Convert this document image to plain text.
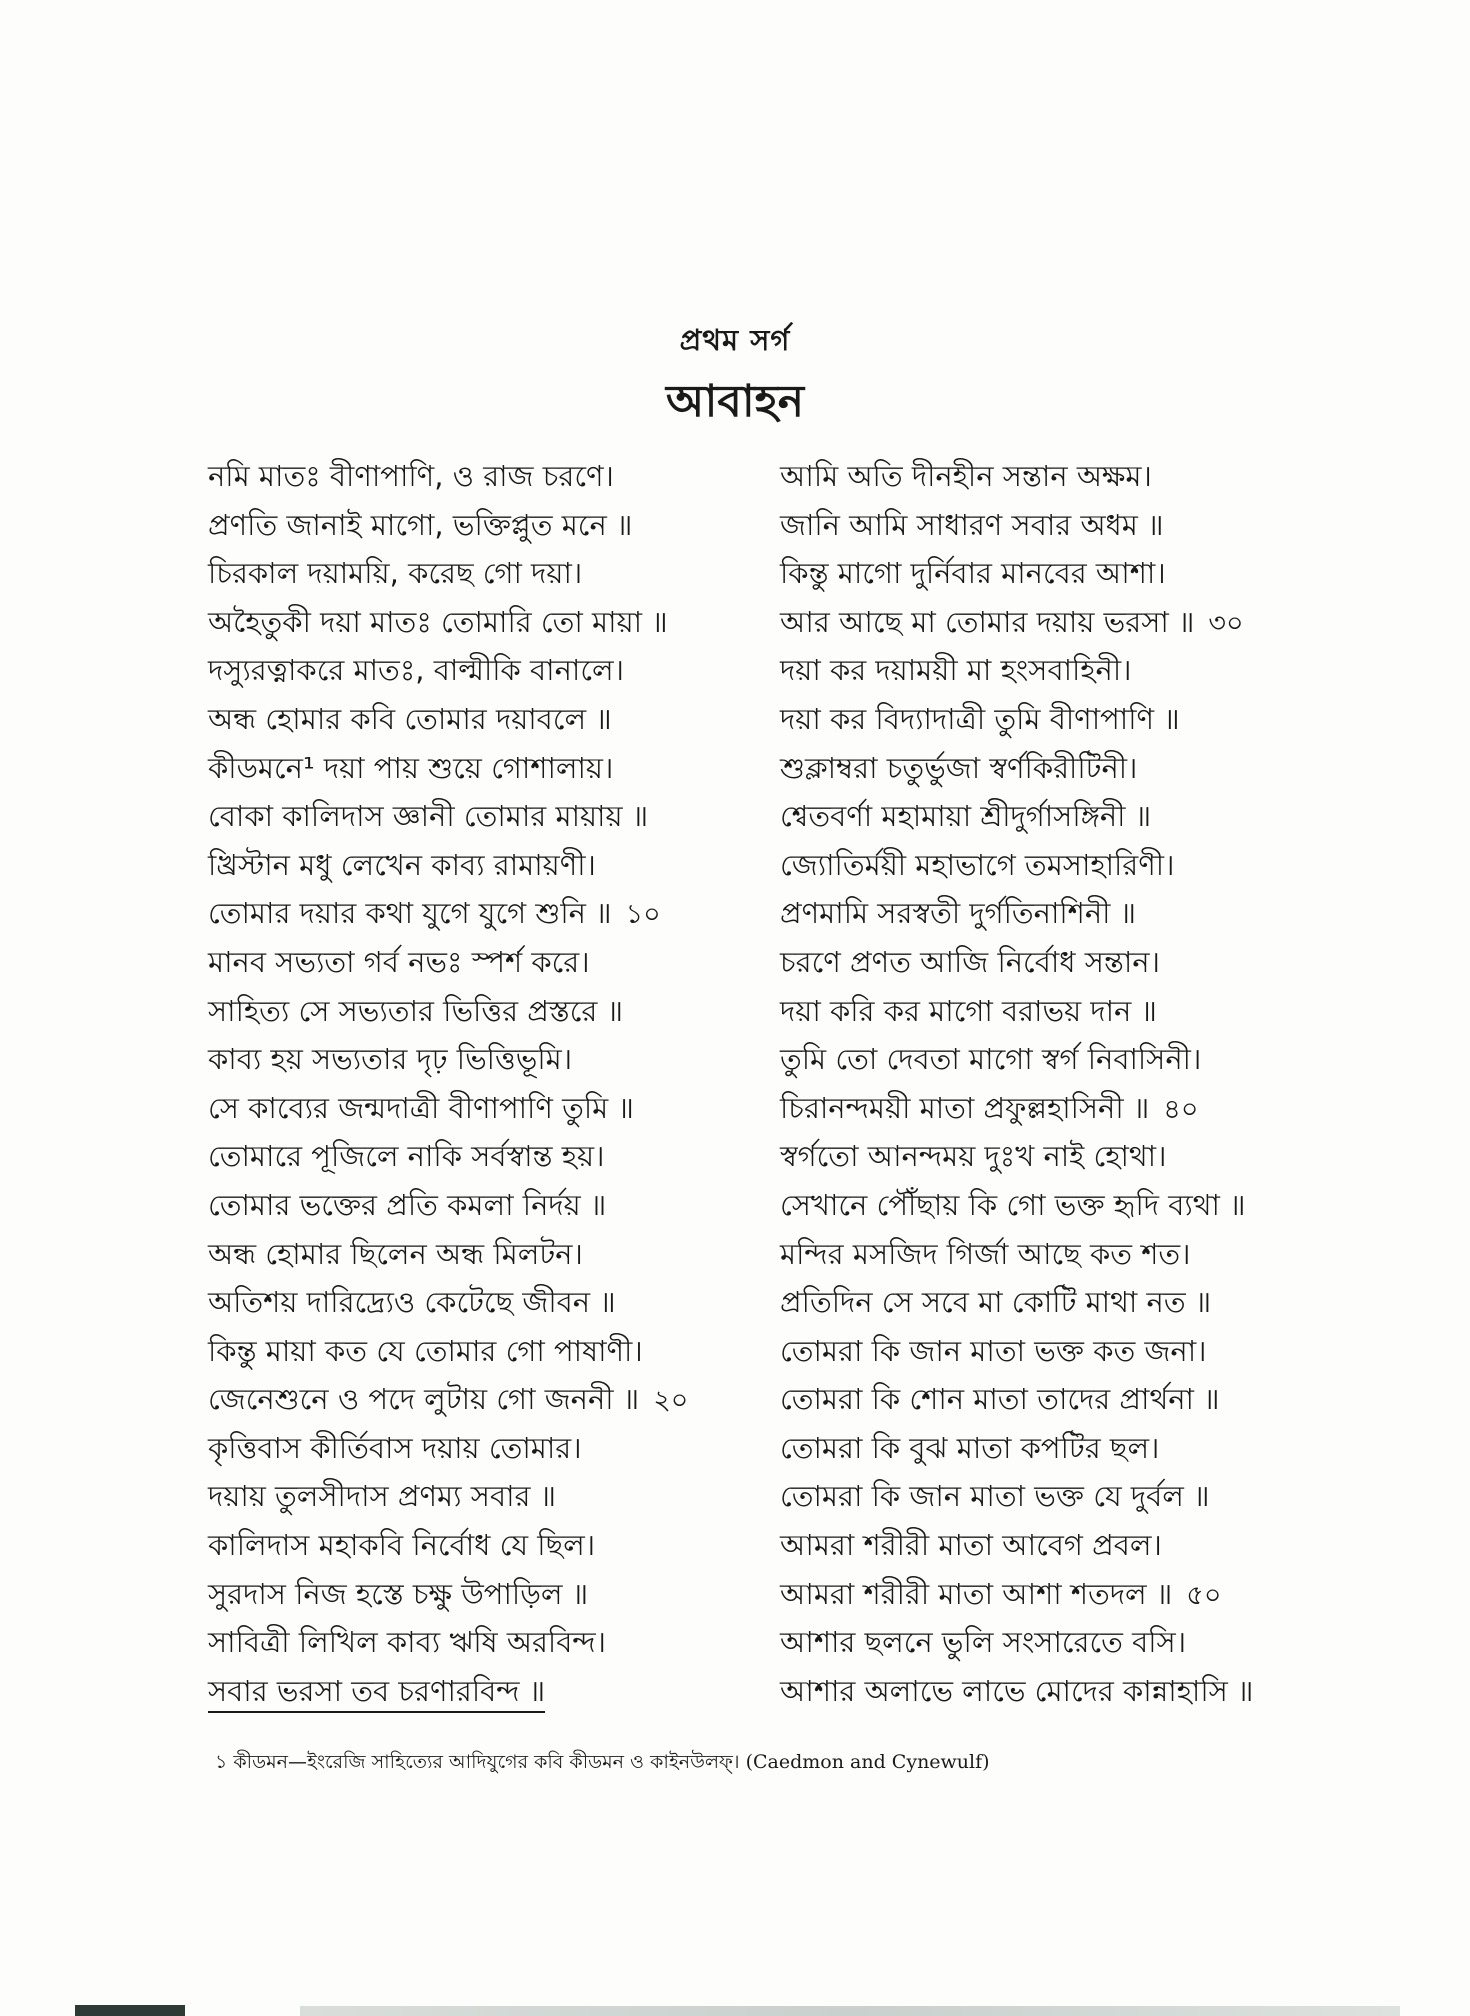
প্রথম সর্গ
আবাহন
নমি মাতঃ বীণাপাণি, ও রাজ চরণে।
প্রণতি জানাই মাগো, ভক্তিপ্লুত মনে ॥
চিরকাল দয়াময়ি, করেছ গো দয়া।
অহৈতুকী দয়া মাতঃ তোমারি তো মায়া ॥
দস্যুরত্নাকরে মাতঃ, বাল্মীকি বানালে।
অন্ধ হোমার কবি তোমার দয়াবলে ॥
কীডমনে¹ দয়া পায় শুয়ে গোশালায়।
বোকা কালিদাস জ্ঞানী তোমার মায়ায় ॥
খ্রিস্টান মধু লেখেন কাব্য রামায়ণী।
তোমার দয়ার কথা যুগে যুগে শুনি ॥ ১০
মানব সভ্যতা গর্ব নভঃ স্পর্শ করে।
সাহিত্য সে সভ্যতার ভিত্তির প্রস্তরে ॥
কাব্য হয় সভ্যতার দৃঢ় ভিত্তিভূমি।
সে কাব্যের জন্মদাত্রী বীণাপাণি তুমি ॥
তোমারে পূজিলে নাকি সর্বস্বান্ত হয়।
তোমার ভক্তের প্রতি কমলা নির্দয় ॥
অন্ধ হোমার ছিলেন অন্ধ মিলটন।
অতিশয় দারিদ্র্যেও কেটেছে জীবন ॥
কিন্তু মায়া কত যে তোমার গো পাষাণী।
জেনেশুনে ও পদে লুটায় গো জননী ॥ ২০
কৃত্তিবাস কীর্তিবাস দয়ায় তোমার।
দয়ায় তুলসীদাস প্রণম্য সবার ॥
কালিদাস মহাকবি নির্বোধ যে ছিল।
সুরদাস নিজ হস্তে চক্ষু উপাড়িল ॥
সাবিত্রী লিখিল কাব্য ঋষি অরবিন্দ।
সবার ভরসা তব চরণারবিন্দ ॥
আমি অতি দীনহীন সন্তান অক্ষম।
জানি আমি সাধারণ সবার অধম ॥
কিন্তু মাগো দুর্নিবার মানবের আশা।
আর আছে মা তোমার দয়ায় ভরসা ॥ ৩০
দয়া কর দয়াময়ী মা হংসবাহিনী।
দয়া কর বিদ্যাদাত্রী তুমি বীণাপাণি ॥
শুক্লাম্বরা চতুর্ভুজা স্বর্ণকিরীটিনী।
শ্বেতবর্ণা মহামায়া শ্রীদুর্গাসঙ্গিনী ॥
জ্যোতির্ময়ী মহাভাগে তমসাহারিণী।
প্রণমামি সরস্বতী দুর্গতিনাশিনী ॥
চরণে প্রণত আজি নির্বোধ সন্তান।
দয়া করি কর মাগো বরাভয় দান ॥
তুমি তো দেবতা মাগো স্বর্গ নিবাসিনী।
চিরানন্দময়ী মাতা প্রফুল্লহাসিনী ॥ ৪০
স্বর্গতো আনন্দময় দুঃখ নাই হোথা।
সেখানে পৌঁছায় কি গো ভক্ত হৃদি ব্যথা ॥
মন্দির মসজিদ গির্জা আছে কত শত।
প্রতিদিন সে সবে মা কোটি মাথা নত ॥
তোমরা কি জান মাতা ভক্ত কত জনা।
তোমরা কি শোন মাতা তাদের প্রার্থনা ॥
তোমরা কি বুঝ মাতা কপটির ছল।
তোমরা কি জান মাতা ভক্ত যে দুর্বল ॥
আমরা শরীরী মাতা আবেগ প্রবল।
আমরা শরীরী মাতা আশা শতদল ॥ ৫০
আশার ছলনে ভুলি সংসারেতে বসি।
আশার অলাভে লাভে মোদের কান্নাহাসি ॥
১ কীডমন—ইংরেজি সাহিত্যের আদিযুগের কবি কীডমন ও কাইনউলফ্‌। (Caedmon and Cynewulf)
